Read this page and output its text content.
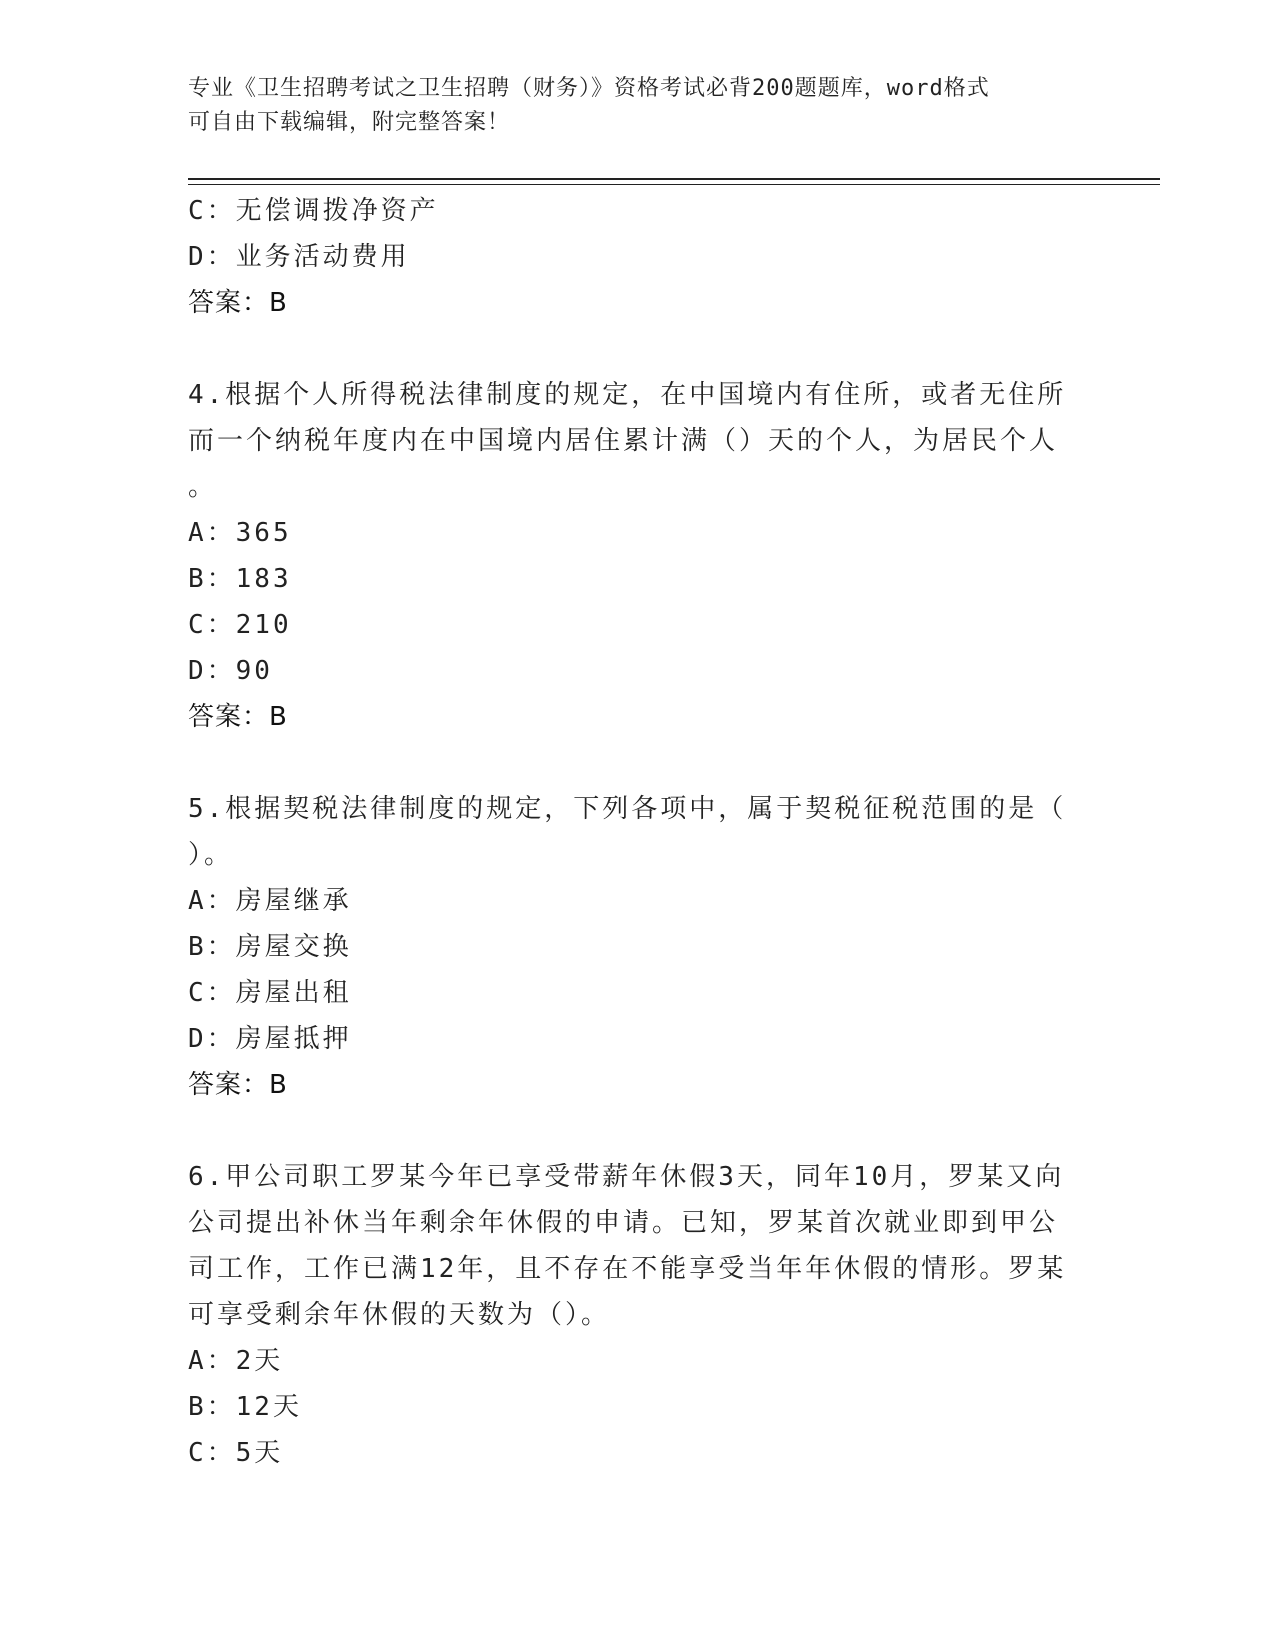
专业《卫生招聘考试之卫生招聘（财务）》资格考试必背200题题库，word格式
可自由下载编辑，附完整答案！
C：无偿调拨净资产
D：业务活动费用
答案：B
4.根据个人所得税法律制度的规定，在中国境内有住所，或者无住所
而一个纳税年度内在中国境内居住累计满（）天的个人，为居民个人
。
A：365
B：183
C：210
D：90
答案：B
5.根据契税法律制度的规定，下列各项中，属于契税征税范围的是（
）。
A：房屋继承
B：房屋交换
C：房屋出租
D：房屋抵押
答案：B
6.甲公司职工罗某今年已享受带薪年休假3天，同年10月，罗某又向
公司提出补休当年剩余年休假的申请。已知，罗某首次就业即到甲公
司工作，工作已满12年，且不存在不能享受当年年休假的情形。罗某
可享受剩余年休假的天数为（）。
A：2天
B：12天
C：5天
